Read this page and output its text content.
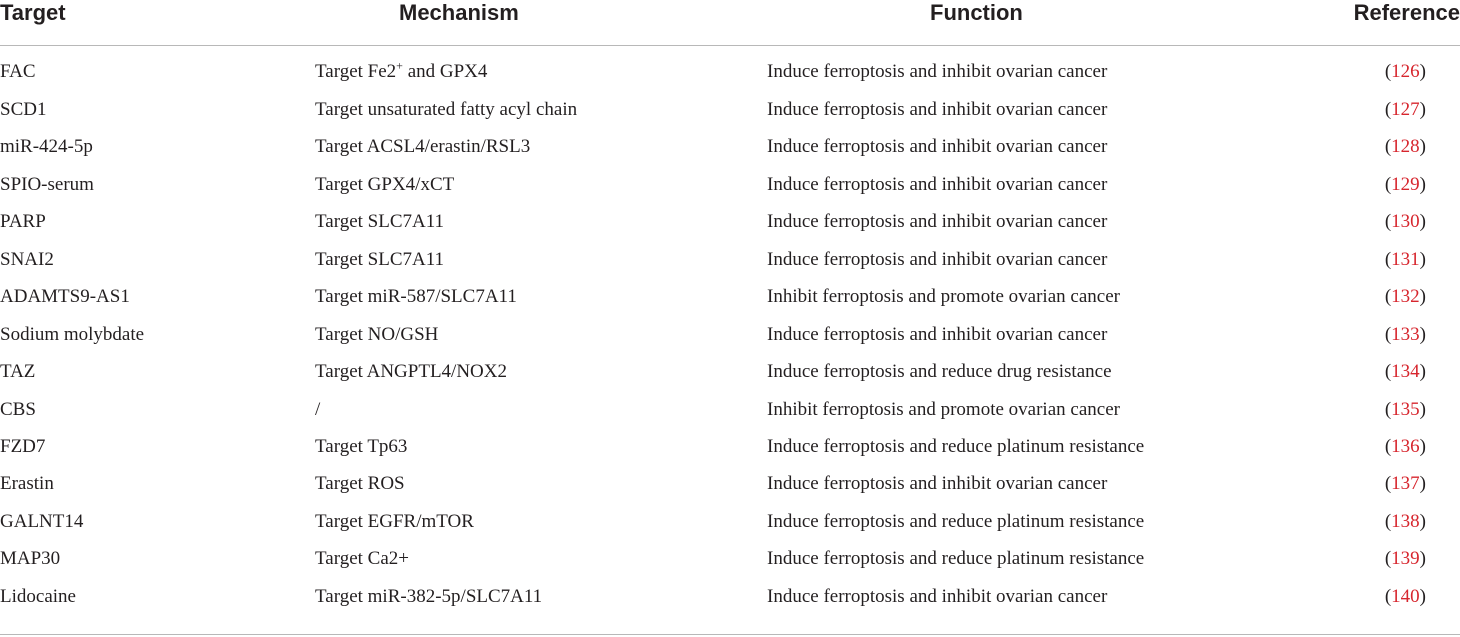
Target	Mechanism	Function	Reference
FAC	Target Fe2+ and GPX4	Induce ferroptosis and inhibit ovarian cancer	(126)
SCD1	Target unsaturated fatty acyl chain	Induce ferroptosis and inhibit ovarian cancer	(127)
miR-424-5p	Target ACSL4/erastin/RSL3	Induce ferroptosis and inhibit ovarian cancer	(128)
SPIO-serum	Target GPX4/xCT	Induce ferroptosis and inhibit ovarian cancer	(129)
PARP	Target SLC7A11	Induce ferroptosis and inhibit ovarian cancer	(130)
SNAI2	Target SLC7A11	Induce ferroptosis and inhibit ovarian cancer	(131)
ADAMTS9-AS1	Target miR-587/SLC7A11	Inhibit ferroptosis and promote ovarian cancer	(132)
Sodium molybdate	Target NO/GSH	Induce ferroptosis and inhibit ovarian cancer	(133)
TAZ	Target ANGPTL4/NOX2	Induce ferroptosis and reduce drug resistance	(134)
CBS	/	Inhibit ferroptosis and promote ovarian cancer	(135)
FZD7	Target Tp63	Induce ferroptosis and reduce platinum resistance	(136)
Erastin	Target ROS	Induce ferroptosis and inhibit ovarian cancer	(137)
GALNT14	Target EGFR/mTOR	Induce ferroptosis and reduce platinum resistance	(138)
MAP30	Target Ca2+	Induce ferroptosis and reduce platinum resistance	(139)
Lidocaine	Target miR-382-5p/SLC7A11	Induce ferroptosis and inhibit ovarian cancer	(140)
